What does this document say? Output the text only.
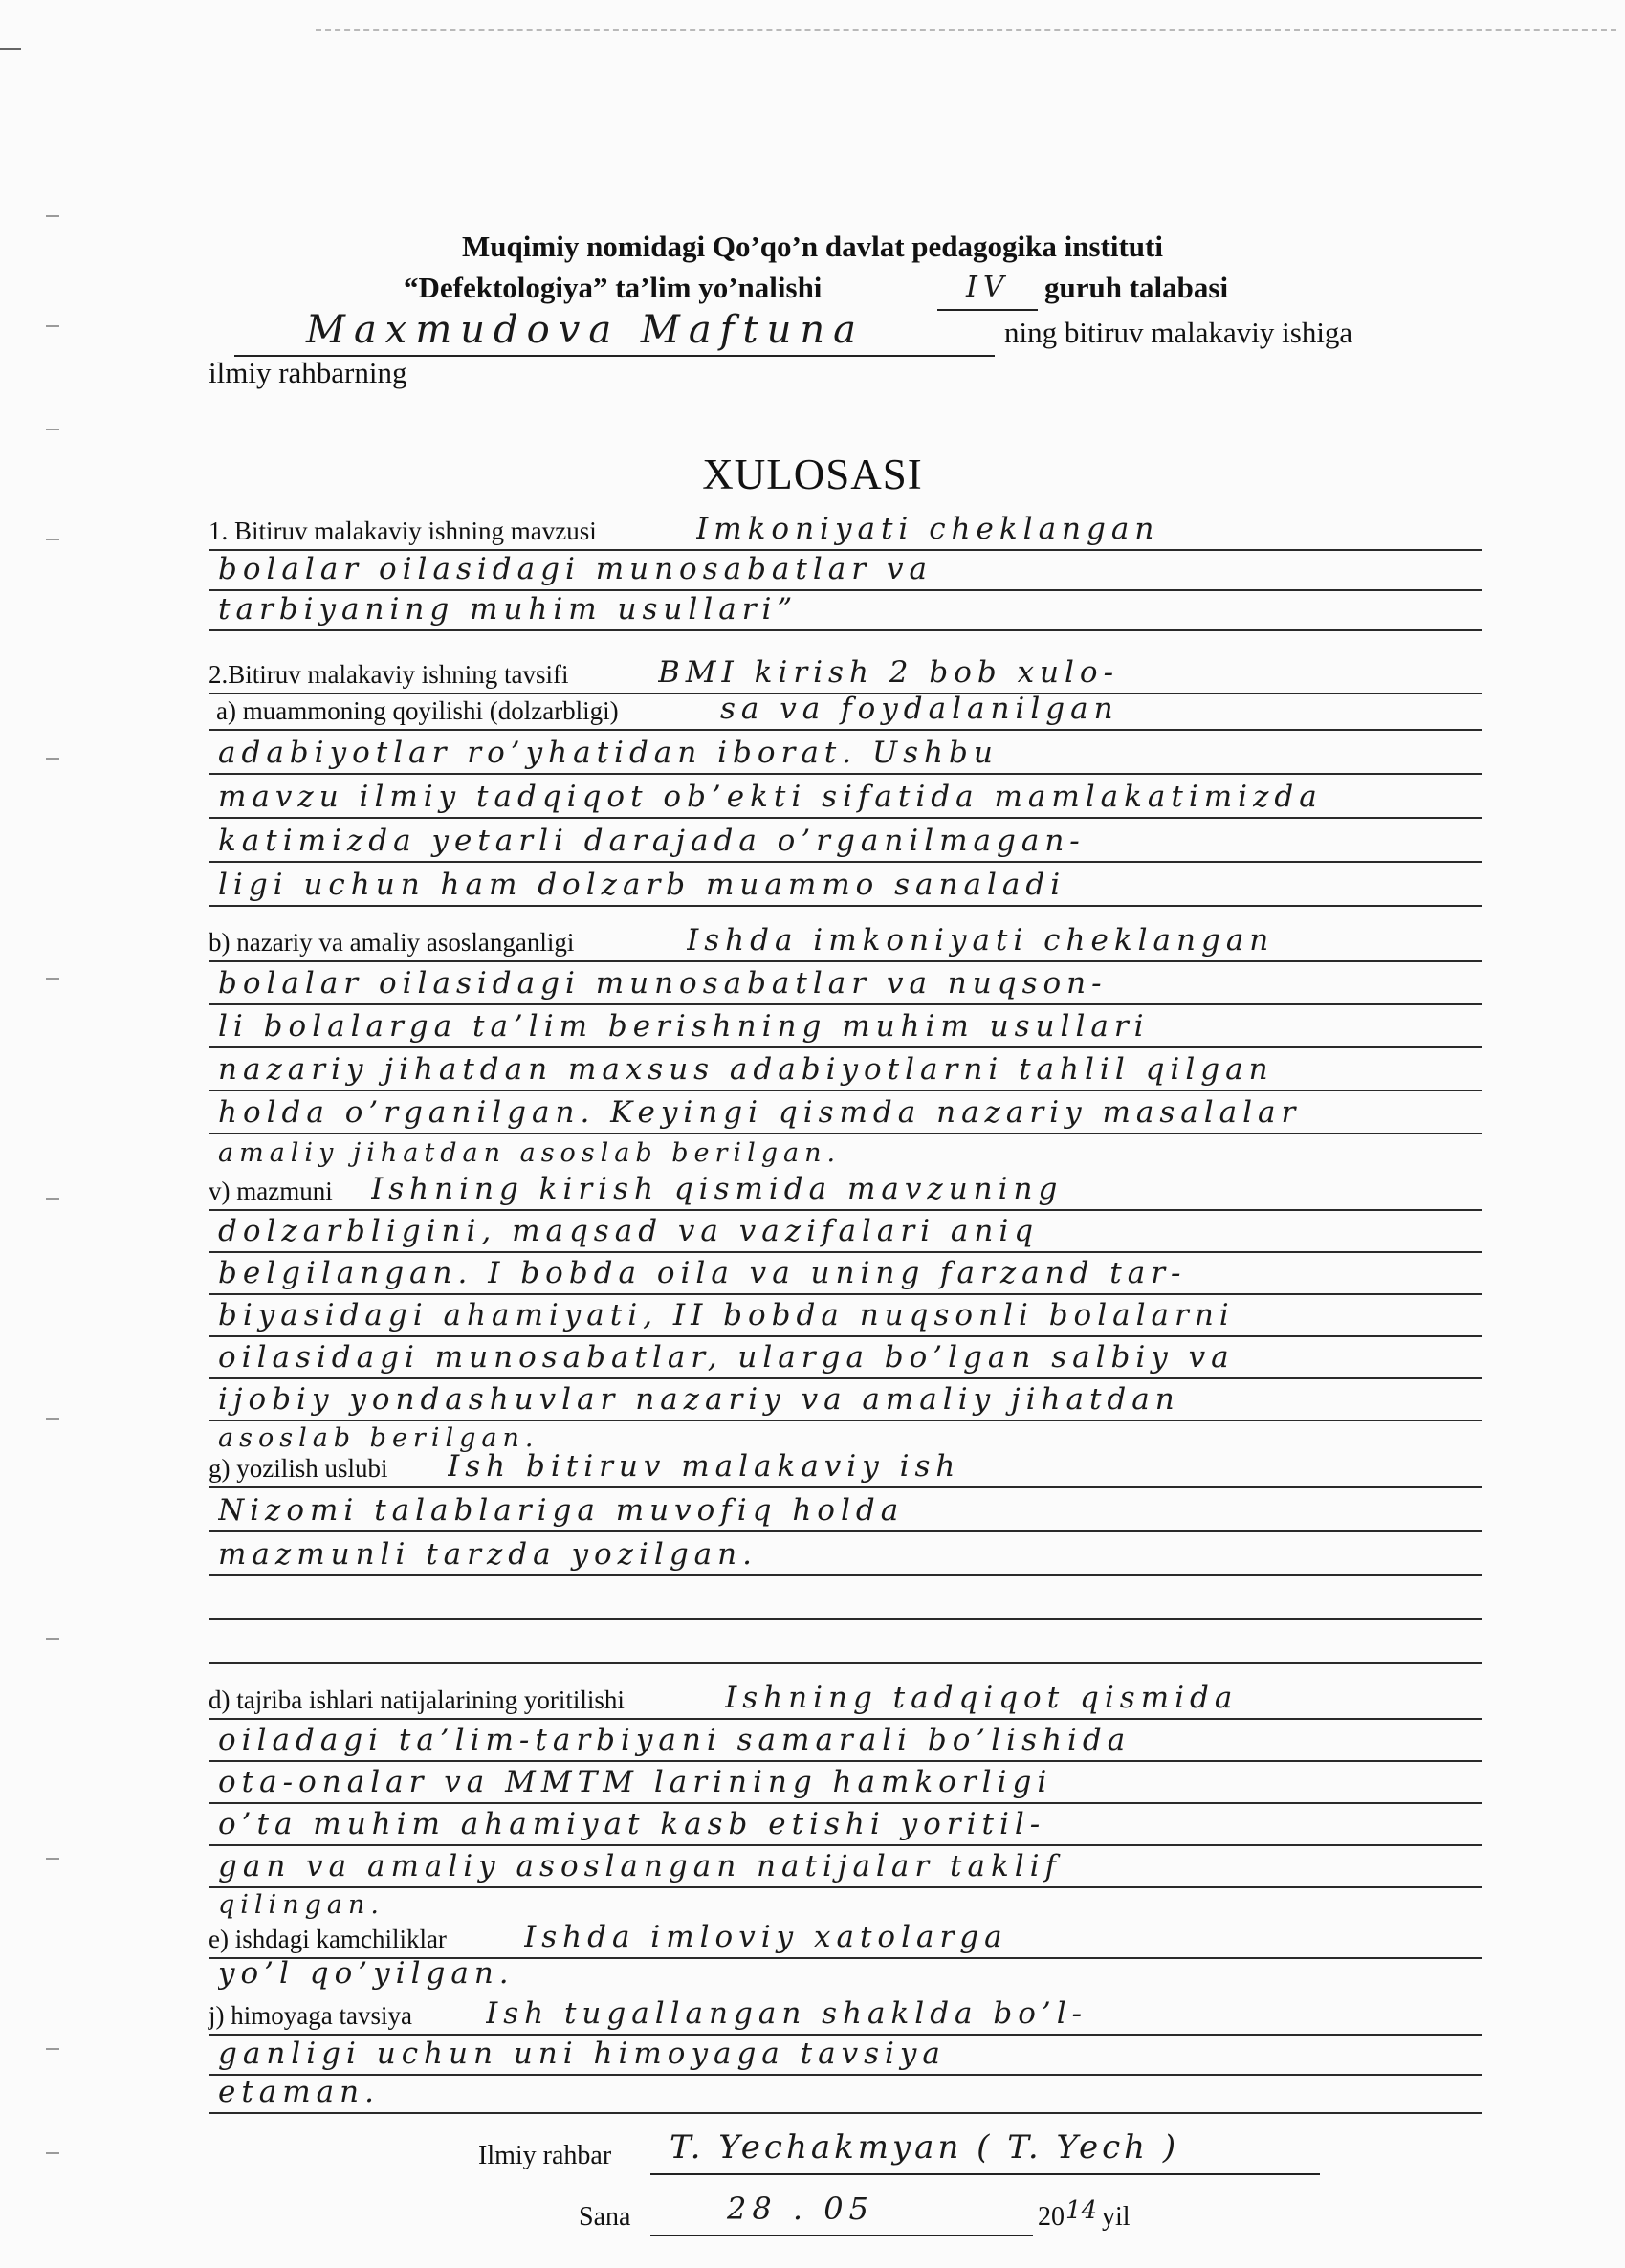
Muqimiy nomidagi Qo’qo’n davlat pedagogika instituti
“Defektologiya” ta’lim yo’nalishi	IV guruh talabasi
Maxmudova Maftuna	ning bitiruv malakaviy ishiga
ilmiy rahbarning
XULOSASI
1. Bitiruv malakaviy ishning mavzusi	Imkoniyati cheklangan
bolalar oilasidagi munosabatlar va
tarbiyaning muhim usullari”
2.Bitiruv malakaviy ishning tavsifi	BMI kirish 2 bob xulo-
a) muammoning qoyilishi (dolzarbligi)	sa va foydalanilgan
adabiyotlar ro’yhatidan iborat. Ushbu
mavzu ilmiy tadqiqot ob’ekti sifatida mamlakatimizda
katimizda yetarli darajada o’rganilmagan-
ligi uchun ham dolzarb muammo sanaladi
b) nazariy va amaliy asoslanganligi	Ishda imkoniyati cheklangan
bolalar oilasidagi munosabatlar va nuqson-
li bolalarga ta’lim berishning muhim usullari
nazariy jihatdan maxsus adabiyotlarni tahlil qilgan
holda o’rganilgan. Keyingi qismda nazariy masalalar
amaliy jihatdan asoslab berilgan.
v) mazmuni Ishning kirish qismida mavzuning
dolzarbligini, maqsad va vazifalari aniq
belgilangan. I bobda oila va uning farzand tar-
biyasidagi ahamiyati, II bobda nuqsonli bolalarni
oilasidagi munosabatlar, ularga bo’lgan salbiy va
ijobiy yondashuvlar nazariy va amaliy jihatdan
asoslab berilgan.
g) yozilish uslubi Ish bitiruv malakaviy ish
Nizomi talablariga muvofiq holda
mazmunli tarzda yozilgan.
d) tajriba ishlari natijalarining yoritilishi	Ishning tadqiqot qismida
oiladagi ta’lim-tarbiyani samarali bo’lishida
ota-onalar va MMTM larining hamkorligi
o’ta muhim ahamiyat kasb etishi yoritil-
gan va amaliy asoslangan natijalar taklif
qilingan.
e) ishdagi kamchiliklar	Ishda imloviy xatolarga
yo’l qo’yilgan.
j) himoyaga tavsiya Ish tugallangan shaklda bo’l-
ganligi uchun uni himoyaga tavsiya
etaman.
Ilmiy rahbar T. Yechakmyan ( T. Yech )
Sana	28 . 05	20 14 yil
